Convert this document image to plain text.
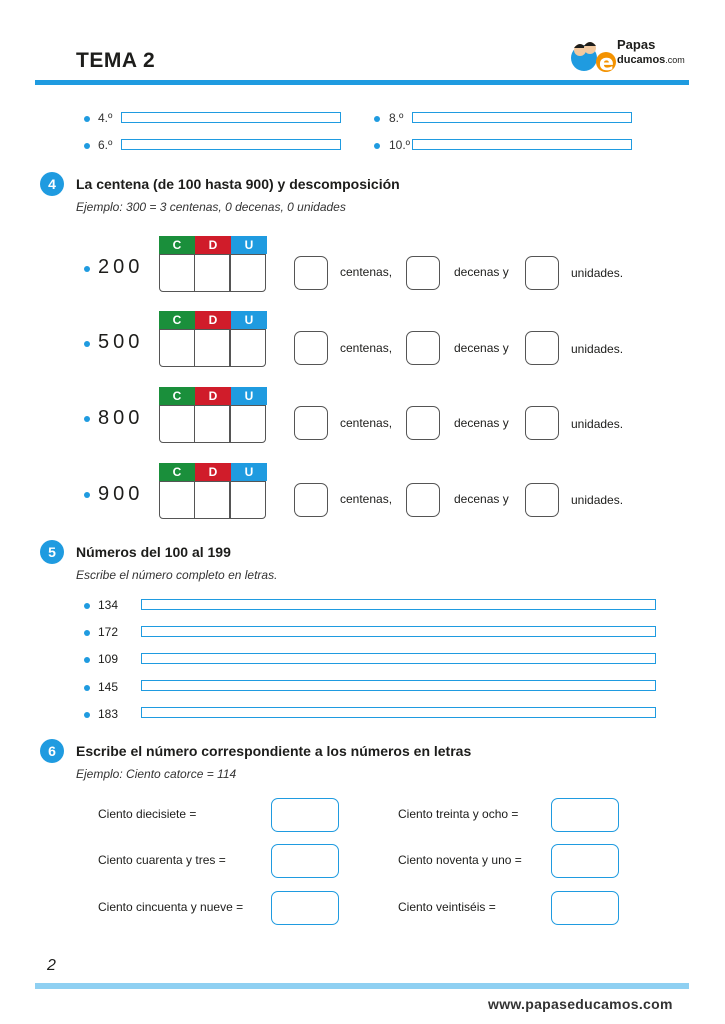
TEMA 2	e
Papas
ducamos.com
4.º	8.º
6.º	10.º
4	La centena (de 100 hasta 900) y descomposición
Ejemplo: 300 = 3 centenas, 0 decenas, 0 unidades
200
C	D	U
centenas,	decenas y	unidades.
500
C	D	U
centenas,	decenas y	unidades.
800
C	D	U
centenas,	decenas y	unidades.
900
C	D	U
centenas,	decenas y	unidades.
5	Números del 100 al 199
Escribe el número completo en letras.
134
172
109
145
183
6	Escribe el número correspondiente a los números en letras
Ejemplo: Ciento catorce = 114
Ciento diecisiete =	Ciento treinta y ocho =
Ciento cuarenta y tres =	Ciento noventa y uno =
Ciento cincuenta y nueve =	Ciento veintiséis =
2
www.papaseducamos.com
